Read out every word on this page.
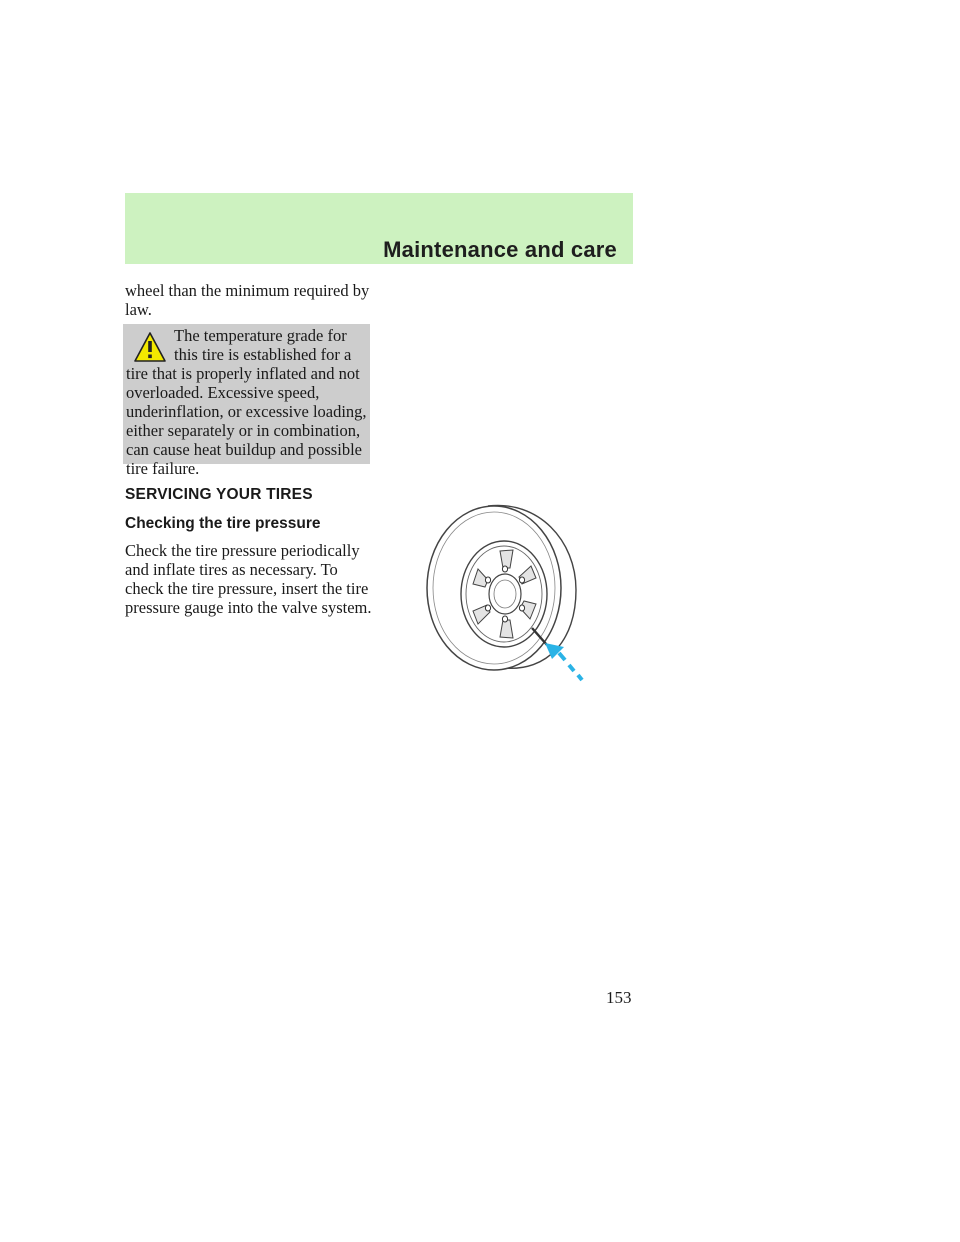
Maintenance and care

wheel than the minimum required by law.

The temperature grade for this tire is established for a tire that is properly inflated and not overloaded. Excessive speed, underinflation, or excessive loading, either separately or in combination, can cause heat buildup and possible tire failure.

SERVICING YOUR TIRES
Checking the tire pressure

Check the tire pressure periodically and inflate tires as necessary. To check the tire pressure, insert the tire pressure gauge into the valve system.

153
